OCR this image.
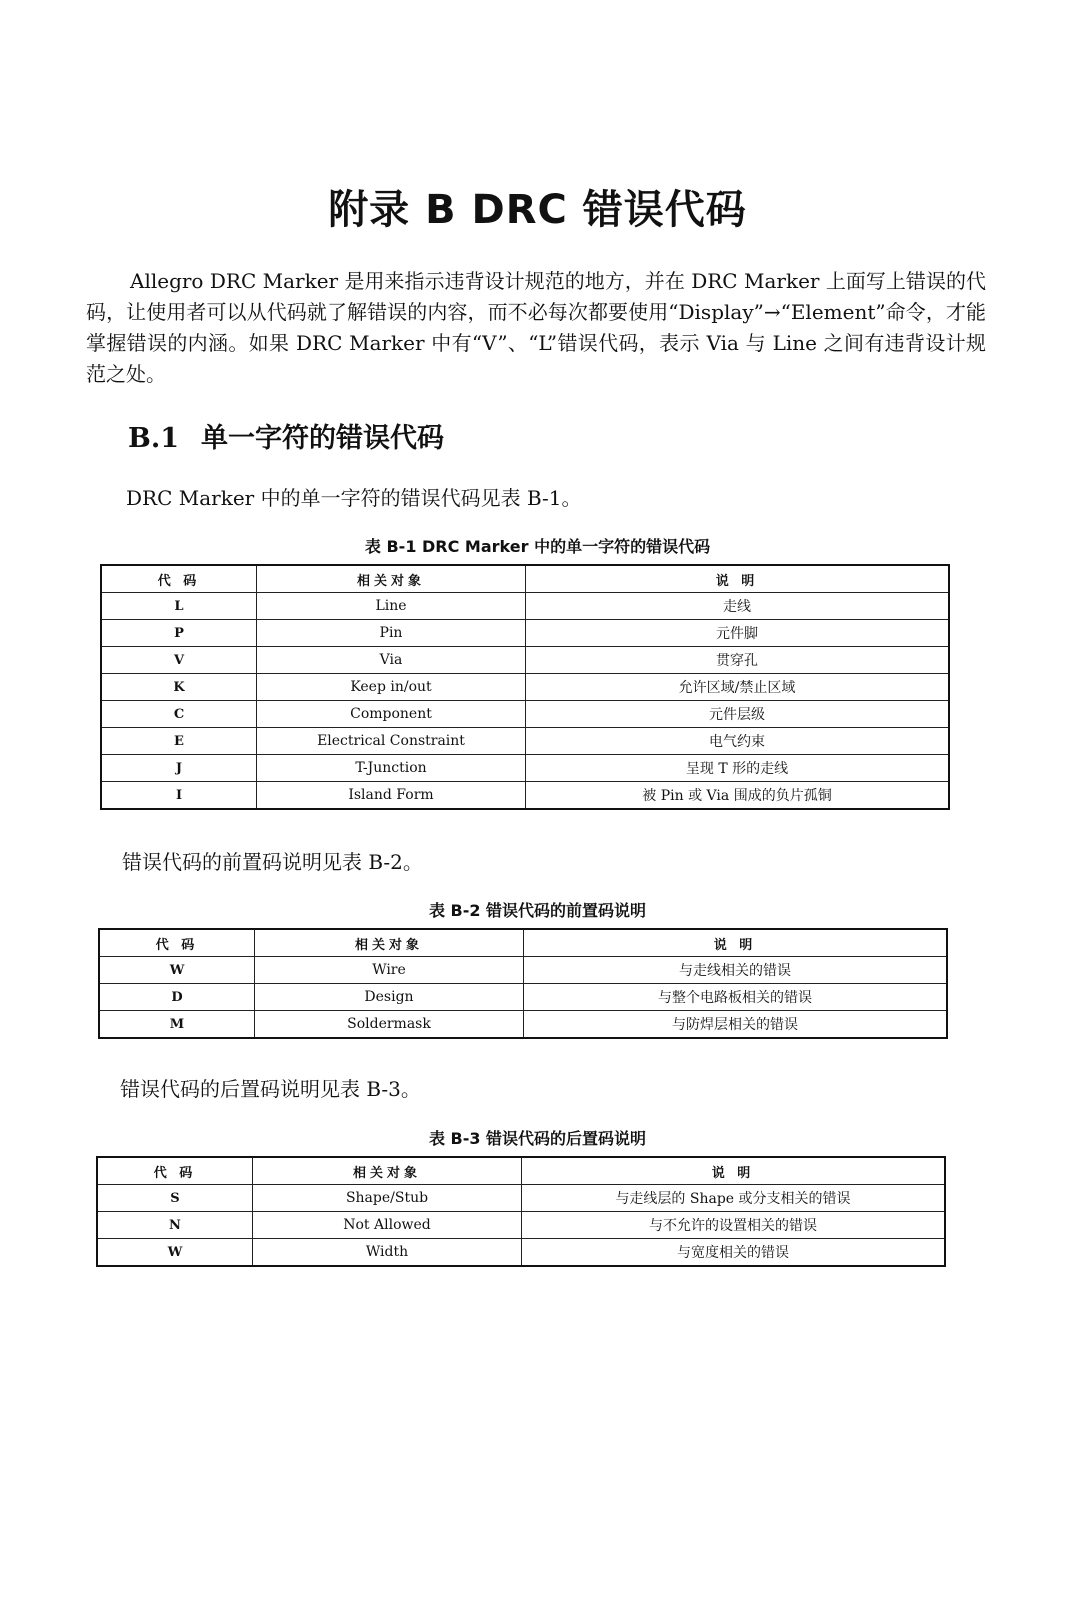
附录 B DRC 错误代码
Allegro DRC Marker 是用来指示违背设计规范的地方，并在 DRC Marker 上面写上错误的代码，让使用者可以从代码就了解错误的内容，而不必每次都要使用“Display”→“Element”命令，才能掌握错误的内涵。如果 DRC Marker 中有“V”、“L”错误代码，表示 Via 与 Line 之间有违背设计规范之处。
B.1 单一字符的错误代码
DRC Marker 中的单一字符的错误代码见表 B-1。
表 B-1 DRC Marker 中的单一字符的错误代码
代 码	相关对象	说 明
L	Line	走线
P	Pin	元件脚
V	Via	贯穿孔
K	Keep in/out	允许区域/禁止区域
C	Component	元件层级
E	Electrical Constraint	电气约束
J	T-Junction	呈现 T 形的走线
I	Island Form	被 Pin 或 Via 围成的负片孤铜
错误代码的前置码说明见表 B-2。
表 B-2 错误代码的前置码说明
代 码	相关对象	说 明
W	Wire	与走线相关的错误
D	Design	与整个电路板相关的错误
M	Soldermask	与防焊层相关的错误
错误代码的后置码说明见表 B-3。
表 B-3 错误代码的后置码说明
代 码	相关对象	说 明
S	Shape/Stub	与走线层的 Shape 或分支相关的错误
N	Not Allowed	与不允许的设置相关的错误
W	Width	与宽度相关的错误
